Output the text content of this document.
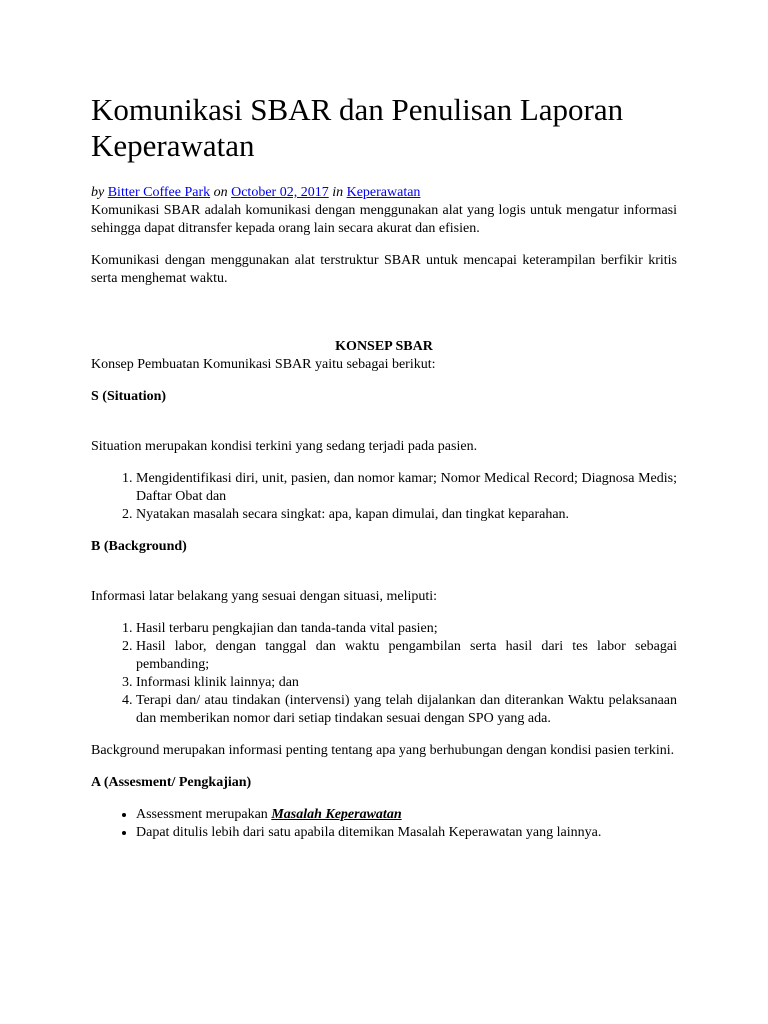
Komunikasi SBAR dan Penulisan Laporan Keperawatan
by Bitter Coffee Park on October 02, 2017 in Keperawatan

Komunikasi SBAR adalah komunikasi dengan menggunakan alat yang logis untuk mengatur informasi sehingga dapat ditransfer kepada orang lain secara akurat dan efisien.

Komunikasi dengan menggunakan alat terstruktur SBAR untuk mencapai keterampilan berfikir kritis serta menghemat waktu.

KONSEP SBAR

Konsep Pembuatan Komunikasi SBAR yaitu sebagai berikut:

S (Situation)

Situation merupakan kondisi terkini yang sedang terjadi pada pasien.

1. Mengidentifikasi diri, unit, pasien, dan nomor kamar; Nomor Medical Record; Diagnosa Medis; Daftar Obat dan
2. Nyatakan masalah secara singkat: apa, kapan dimulai, dan tingkat keparahan.

B (Background)

Informasi latar belakang yang sesuai dengan situasi, meliputi:

1. Hasil terbaru pengkajian dan tanda-tanda vital pasien;
2. Hasil labor, dengan tanggal dan waktu pengambilan serta hasil dari tes labor sebagai pembanding;
3. Informasi klinik lainnya; dan
4. Terapi dan/ atau tindakan (intervensi) yang telah dijalankan dan diterankan Waktu pelaksanaan dan memberikan nomor dari setiap tindakan sesuai dengan SPO yang ada.

Background merupakan informasi penting tentang apa yang berhubungan dengan kondisi pasien terkini.

A (Assesment/ Pengkajian)

• Assessment merupakan Masalah Keperawatan
• Dapat ditulis lebih dari satu apabila ditemikan Masalah Keperawatan yang lainnya.
